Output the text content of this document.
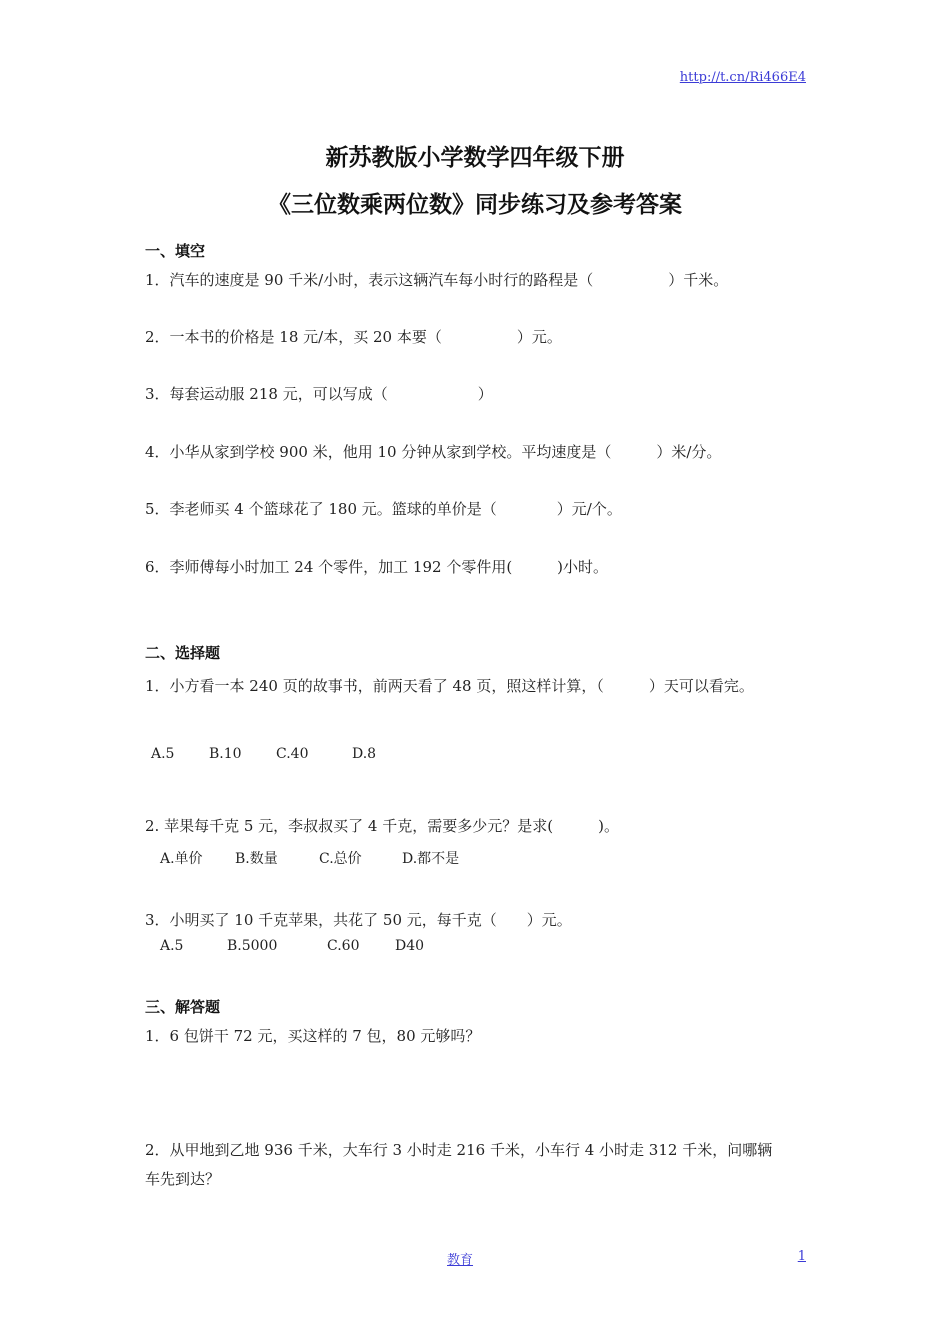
http://t.cn/Ri466E4
新苏教版小学数学四年级下册
《三位数乘两位数》同步练习及参考答案
一、填空
1．汽车的速度是 90 千米/小时，表示这辆汽车每小时行的路程是（　　　　　）千米。
2．一本书的价格是 18 元/本，买 20 本要（　　　　　）元。
3．每套运动服 218 元，可以写成（　　　　　　）
4．小华从家到学校 900 米，他用 10 分钟从家到学校。平均速度是（　　　）米/分。
5．李老师买 4 个篮球花了 180 元。篮球的单价是（　　　　）元/个。
6．李师傅每小时加工 24 个零件，加工 192 个零件用(　　　)小时。
二、选择题
1．小方看一本 240 页的故事书，前两天看了 48 页，照这样计算，（　　　）天可以看完。
A.5 B.10 C.40	D.8
2. 苹果每千克 5 元，李叔叔买了 4 千克，需要多少元？是求(　　　)。
A.单价 B.数量	C.总价	D.都不是
3．小明买了 10 千克苹果，共花了 50 元，每千克（　　）元。
A.5	B.5000	C.60	D40
三、解答题
1．6 包饼干 72 元，买这样的 7 包，80 元够吗？
2．从甲地到乙地 936 千米，大车行 3 小时走 216 千米，小车行 4 小时走 312 千米，问哪辆
车先到达？
教育	1
